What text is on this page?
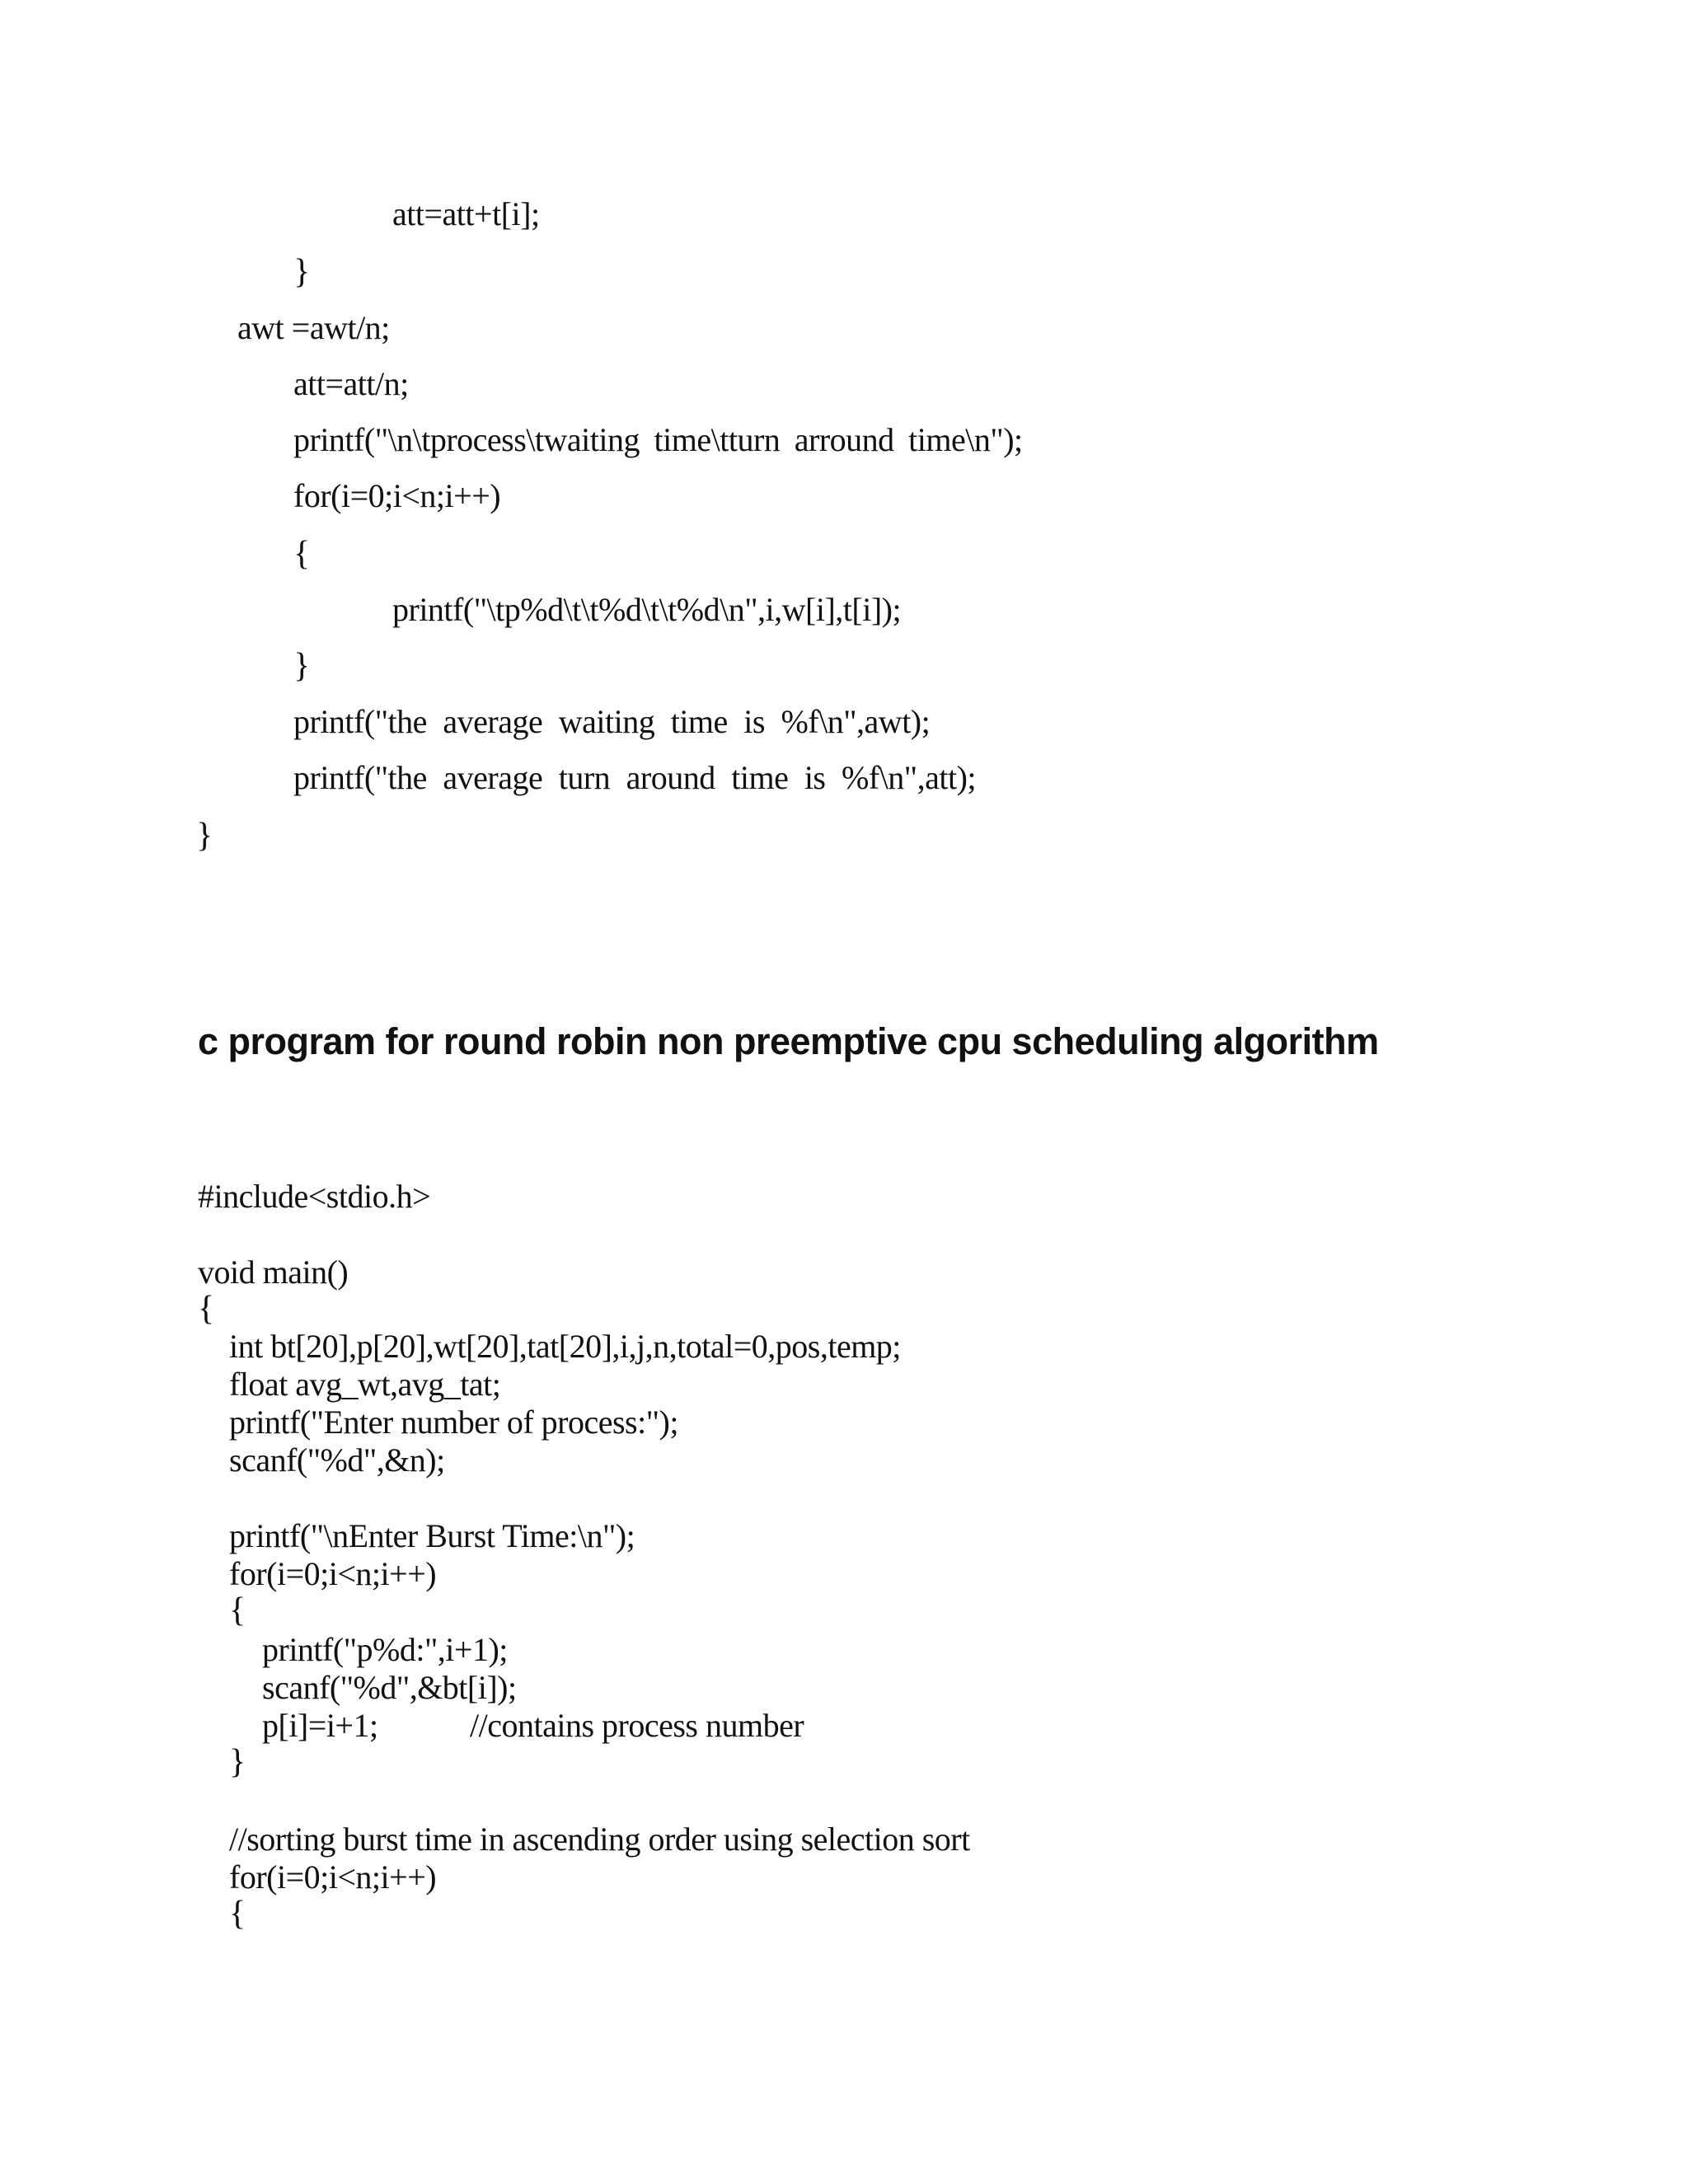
att=att+t[i];
}
awt =awt/n;
att=att/n;
printf("\n\tprocess\twaiting time\tturn arround time\n");
for(i=0;i<n;i++)
{
printf("\tp%d\t\t%d\t\t%d\n",i,w[i],t[i]);
}
printf("the average waiting time is %f\n",awt);
printf("the average turn around time is %f\n",att);
}
c program for round robin non preemptive cpu scheduling algorithm
#include<stdio.h>
void main()
{
int bt[20],p[20],wt[20],tat[20],i,j,n,total=0,pos,temp;
float avg_wt,avg_tat;
printf("Enter number of process:");
scanf("%d",&n);
printf("\nEnter Burst Time:\n");
for(i=0;i<n;i++)
{
printf("p%d:",i+1);
scanf("%d",&bt[i]);
p[i]=i+1;	//contains process number
}
//sorting burst time in ascending order using selection sort
for(i=0;i<n;i++)
{
